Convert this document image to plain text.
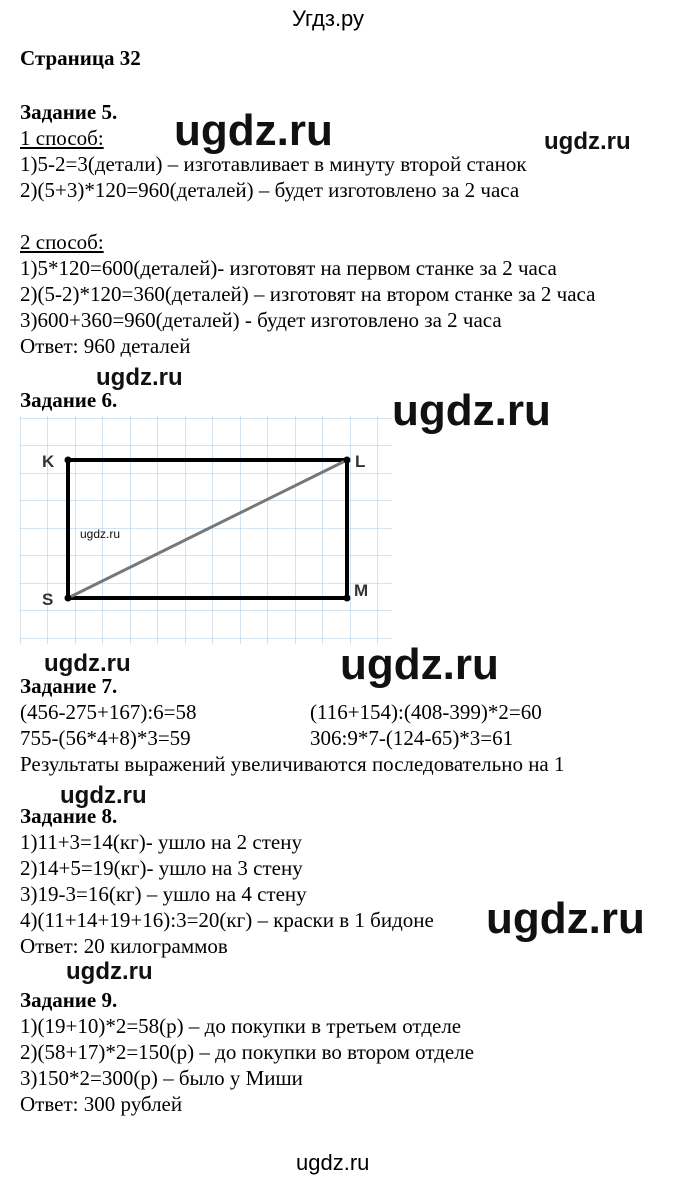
Угдз.ру
Страница 32
Задание 5.
1 способ:
1)5-2=3(детали) – изготавливает в минуту второй станок
2)(5+3)*120=960(деталей) – будет изготовлено за 2 часа
2 способ:
1)5*120=600(деталей)- изготовят на первом станке за 2 часа
2)(5-2)*120=360(деталей) – изготовят на втором станке за 2 часа
3)600+360=960(деталей) - будет изготовлено за 2 часа
Ответ: 960 деталей
Задание 6.
K	L
S	M
ugdz.ru
Задание 7.
(456-275+167):6=58	(116+154):(408-399)*2=60
755-(56*4+8)*3=59	306:9*7-(124-65)*3=61
Результаты выражений увеличиваются последовательно на 1
Задание 8.
1)11+3=14(кг)- ушло на 2 стену
2)14+5=19(кг)- ушло на 3 стену
3)19-3=16(кг) – ушло на 4 стену
4)(11+14+19+16):3=20(кг) – краски в 1 бидоне
Ответ: 20 килограммов
Задание 9.
1)(19+10)*2=58(р) – до покупки в третьем отделе
2)(58+17)*2=150(р) – до покупки во втором отделе
3)150*2=300(р) – было у Миши
Ответ: 300 рублей
ugdz.ru	ugdz.ru
ugdz.ru
ugdz.ru
ugdz.ru	ugdz.ru
ugdz.ru
ugdz.ru
ugdz.ru
ugdz.ru
